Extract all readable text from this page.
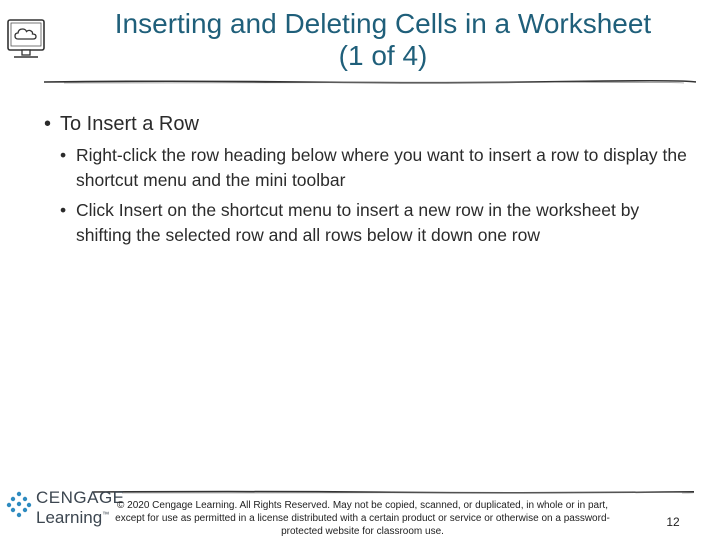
Inserting and Deleting Cells in a Worksheet
(1 of 4)
• To Insert a Row
• Right-click the row heading below where you want to insert a row to display the shortcut menu and the mini toolbar
• Click Insert on the shortcut menu to insert a new row in the worksheet by shifting the selected row and all rows below it down one row
CENGAGE
Learning™
© 2020 Cengage Learning. All Rights Reserved. May not be copied, scanned, or duplicated, in whole or in part, except for use as permitted in a license distributed with a certain product or service or otherwise on a password-protected website for classroom use.
12
